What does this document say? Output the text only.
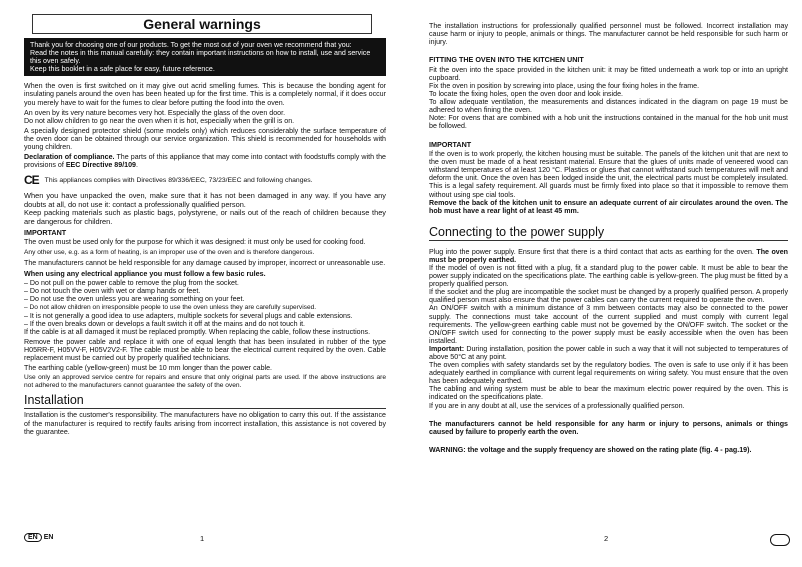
General warnings

Thank you for choosing one of our products. To get the most out of your oven we recommend that you:

Read the notes in this manual carefully: they contain important instructions on how to install, use and service this oven safely.

Keep this booklet in a safe place for easy, future reference.

When the oven is first switched on it may give out acrid smelling fumes. This is because the bonding agent for insulating panels around the oven has been heated up for the first time. This is a completely normal, if it does occur you merely have to wait for the fumes to clear before putting the food into the oven.

An oven by its very nature becomes very hot. Especially the glass of the oven door.

Do not allow children to go near the oven when it is hot, especially when the grill is on.

A specially designed protector shield (some models only) which reduces considerably the surface temperature of the oven door can be obtained through our service organization. This shield is recommended for households with young children.

Declaration of compliance. The parts of this appliance that may come into contact with foodstuffs comply with the provisions of EEC Directive 89/109.

CE This appliances complies with Directives 89/336/EEC, 73/23/EEC and following changes.

When you have unpacked the oven, make sure that it has not been damaged in any way. If you have any doubts at all, do not use it: contact a professionally qualified person.

Keep packing materials such as plastic bags, polystyrene, or nails out of the reach of children because they are dangerous for children.

IMPORTANT

The oven must be used only for the purpose for which it was designed: it must only be used for cooking food.

Any other use, e.g. as a form of heating, is an improper use of the oven and is therefore dangerous.

The manufacturers cannot be held responsible for any damage caused by improper, incorrect or unreasonable use.

When using any electrical appliance you must follow a few basic rules.

– Do not pull on the power cable to remove the plug from the socket.

– Do not touch the oven with wet or damp hands or feet.

– Do not use the oven unless you are wearing something on your feet.

– Do not allow children on irresponsible people to use the oven unless they are carefully supervised.

– It is not generally a good idea to use adapters, multiple sockets for several plugs and cable extensions.

– If the oven breaks down or develops a fault switch it off at the mains and do not touch it.

If the cable is at all damaged it must be replaced promptly. When replacing the cable, follow these instructions.

Remove the power cable and replace it with one of equal length that has been insulated in rubber of the type H05RR-F, H05VV-F, H05V2V2-F. The cable must be able to bear the electrical current required by the oven. Cable replacement must be carried out by properly qualified technicians.

The earthing cable (yellow-green) must be 10 mm longer than the power cable.

Use only an approved service centre for repairs and ensure that only original parts are used. If the above instructions are not adhered to the manufacturers cannot guarantee the safety of the oven.

Installation

Installation is the customer's responsibility. The manufacturers have no obligation to carry this out. If the assistance of the manufacturer is required to rectify faults arising from incorrect installation, this assistance is not covered by the guarantee.

EN EN	1

The installation instructions for professionally qualified personnel must be followed. Incorrect installation may cause harm or injury to people, animals or things. The manufacturer cannot be held responsible for such harm or injury.

FITTING THE OVEN INTO THE KITCHEN UNIT

Fit the oven into the space provided in the kitchen unit: it may be fitted underneath a work top or into an upright cupboard.

Fix the oven in position by screwing into place, using the four fixing holes in the frame.

To locate the fixing holes, open the oven door and look inside.

To allow adequate ventilation, the measurements and distances indicated in the diagram on page 19 must be adhered to when fining the oven.

Note: For ovens that are combined with a hob unit the instructions contained in the manual for the hob unit must be followed.

IMPORTANT

If the oven is to work properly, the kitchen housing must be suitable. The panels of the kitchen unit that are next to the oven must be made of a heat resistant material. Ensure that the glues of units made of veneered wood can withstand temperatures of at least 120 °C. Plastics or glues that cannot withstand such temperatures will melt and deform the unit. Once the oven has been lodged inside the unit, the electrical parts must be completely insulated. This is a legal safety requirement. All guards must be firmly fixed into place so that it impossible to remove them without using spe cial tools.

Remove the back of the kitchen unit to ensure an adequate current of air circulates around the oven. The hob must have a rear light of at least 45 mm.

Connecting to the power supply

Plug into the power supply. Ensure first that there is a third contact that acts as earthing for the oven. The oven must be properly earthed.

If the model of oven is not fitted with a plug, fit a standard plug to the power cable. It must be able to bear the power supply indicated on the specifications plate. The earthing cable is yellow-green. The plug must be fitted by a properly qualified person.

If the socket and the plug are incompatible the socket must be changed by a properly qualified person. A properly qualified person must also ensure that the power cables can carry the current required to operate the oven.

An ON/OFF switch with a minimum distance of 3 mm between contacts may also be connected to the power supply. The connections must take account of the current supplied and must comply with current legal requirements. The yellow-green earthing cable must not be governed by the ON/OFF switch. The socket or the ON/OFF switch used for connecting to the power supply must be easily accessible when the oven has been installed.

Important: During installation, position the power cable in such a way that it will not subjected to temperatures of above 50°C at any point.

The oven complies with safety standards set by the regulatory bodies. The oven is safe to use only if it has been adequately earthed in compliance with current legal requirements on wiring safety. You must ensure that the oven has been adequately earthed.

The cabling and wiring system must be able to bear the maximum electric power required by the oven. This is indicated on the specifications plate.

If you are in any doubt at all, use the services of a professionally qualified person.

The manufacturers cannot be held responsible for any harm or injury to persons, animals or things caused by failure to properly earth the oven.

WARNING: the voltage and the supply frequency are showed on the rating plate (fig. 4 - pag.19).

2
